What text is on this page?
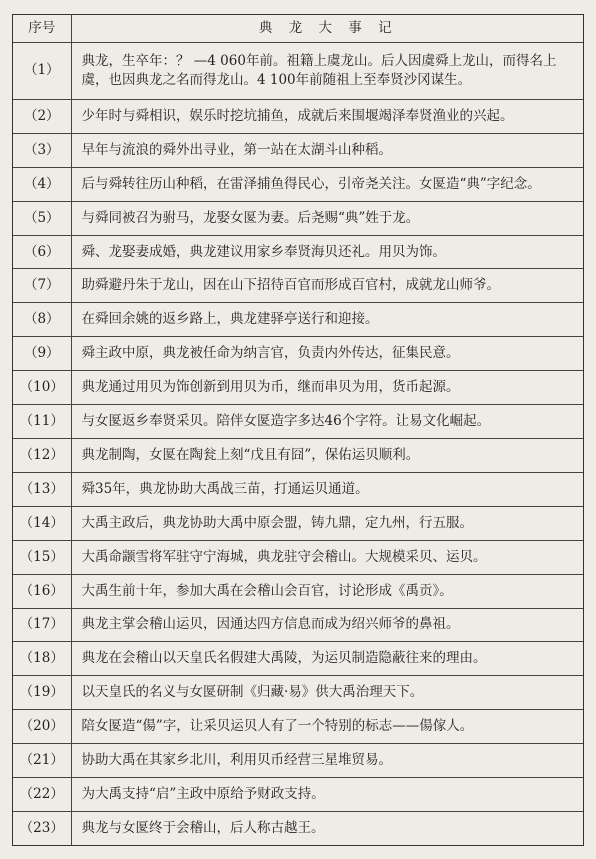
序号	典 龙 大 事 记
（1）	典龙，生卒年：？ —4 060年前。祖籍上虞龙山。后人因虞舜上龙山，而得名上虞，也因典龙之名而得龙山。4 100年前随祖上至奉贤沙冈谋生。
（2）	少年时与舜相识，娱乐时挖坑捕鱼，成就后来围堰竭泽奉贤渔业的兴起。
（3）	早年与流浪的舜外出寻业，第一站在太湖斗山种稻。
（4）	后与舜转往历山种稻，在雷泽捕鱼得民心，引帝尧关注。女匽造“典”字纪念。
（5）	与舜同被召为驸马，龙娶女匽为妻。后尧赐“典”姓于龙。
（6）	舜、龙娶妻成婚，典龙建议用家乡奉贤海贝还礼。用贝为饰。
（7）	助舜避丹朱于龙山，因在山下招待百官而形成百官村，成就龙山师爷。
（8）	在舜回余姚的返乡路上，典龙建驿亭送行和迎接。
（9）	舜主政中原，典龙被任命为纳言官，负责内外传达，征集民意。
（10）	典龙通过用贝为饰创新到用贝为币，继而串贝为用，货币起源。
（11）	与女匽返乡奉贤采贝。陪伴女匽造字多达46个字符。让易文化崛起。
（12）	典龙制陶，女匽在陶瓮上刻“戊且有囧”，保佑运贝顺利。
（13）	舜35年，典龙协助大禹战三苗，打通运贝通道。
（14）	大禹主政后，典龙协助大禹中原会盟，铸九鼎，定九州，行五服。
（15）	大禹命颛雪将军驻守宁海城，典龙驻守会稽山。大规模采贝、运贝。
（16）	大禹生前十年，参加大禹在会稽山会百官，讨论形成《禹贡》。
（17）	典龙主掌会稽山运贝，因通达四方信息而成为绍兴师爷的鼻祖。
（18）	典龙在会稽山以天皇氏名假建大禹陵，为运贝制造隐蔽往来的理由。
（19）	以天皇氏的名义与女匽研制《归藏·易》供大禹治理天下。
（20）	陪女匽造“偒”字，让采贝运贝人有了一个特别的标志——偒傢人。
（21）	协助大禹在其家乡北川，利用贝币经营三星堆贸易。
（22）	为大禹支持“启”主政中原给予财政支持。
（23）	典龙与女匽终于会稽山，后人称古越王。
